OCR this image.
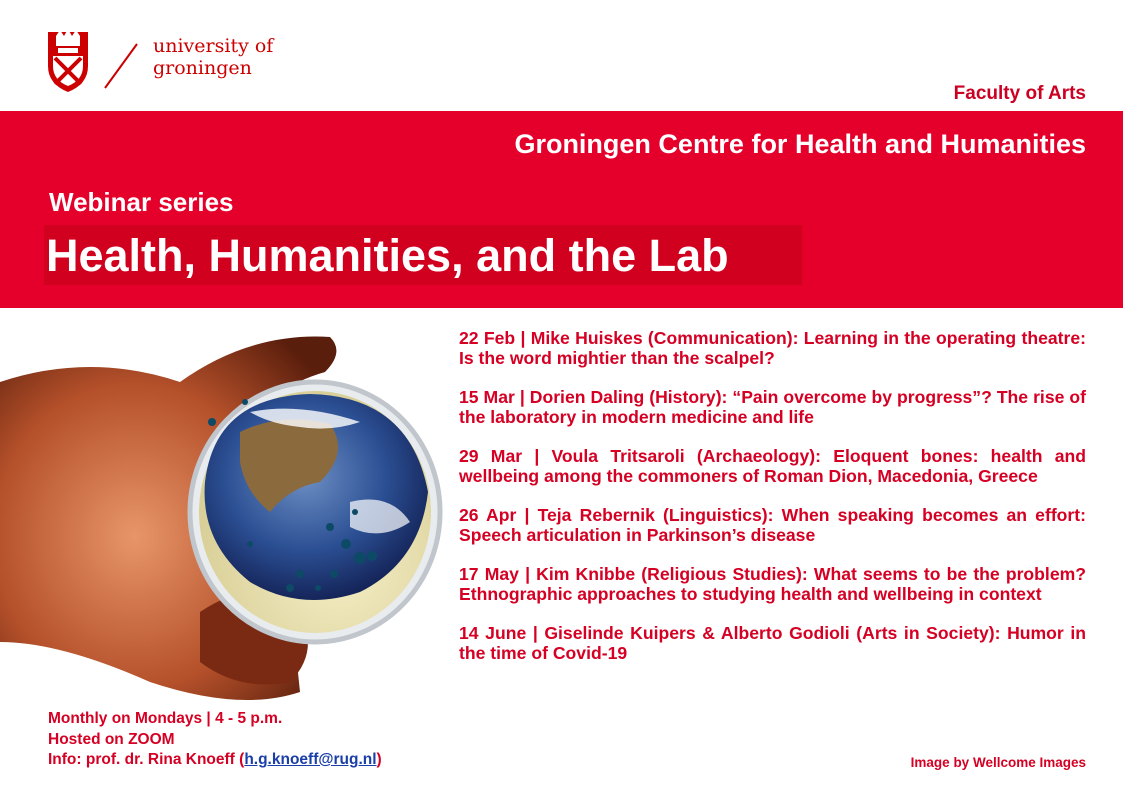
university of
groningen
Faculty of Arts
Groningen Centre for Health and Humanities
Webinar series
Health, Humanities, and the Lab
22 Feb | Mike Huiskes (Communication): Learning in the operating theatre: Is the word mightier than the scalpel?
15 Mar | Dorien Daling (History): “Pain overcome by progress”? The rise of the laboratory in modern medicine and life
29 Mar | Voula Tritsaroli (Archaeology): Eloquent bones: health and wellbeing among the commoners of Roman Dion, Macedonia, Greece
26 Apr | Teja Rebernik (Linguistics): When speaking becomes an effort: Speech articulation in Parkinson’s disease
17 May | Kim Knibbe (Religious Studies): What seems to be the problem? Ethnographic approaches to studying health and wellbeing in context
14 June | Giselinde Kuipers & Alberto Godioli (Arts in Society): Humor in the time of Covid-19
Monthly on Mondays | 4 - 5 p.m.
Hosted on ZOOM
Info: prof. dr. Rina Knoeff (h.g.knoeff@rug.nl)	Image by Wellcome Images
